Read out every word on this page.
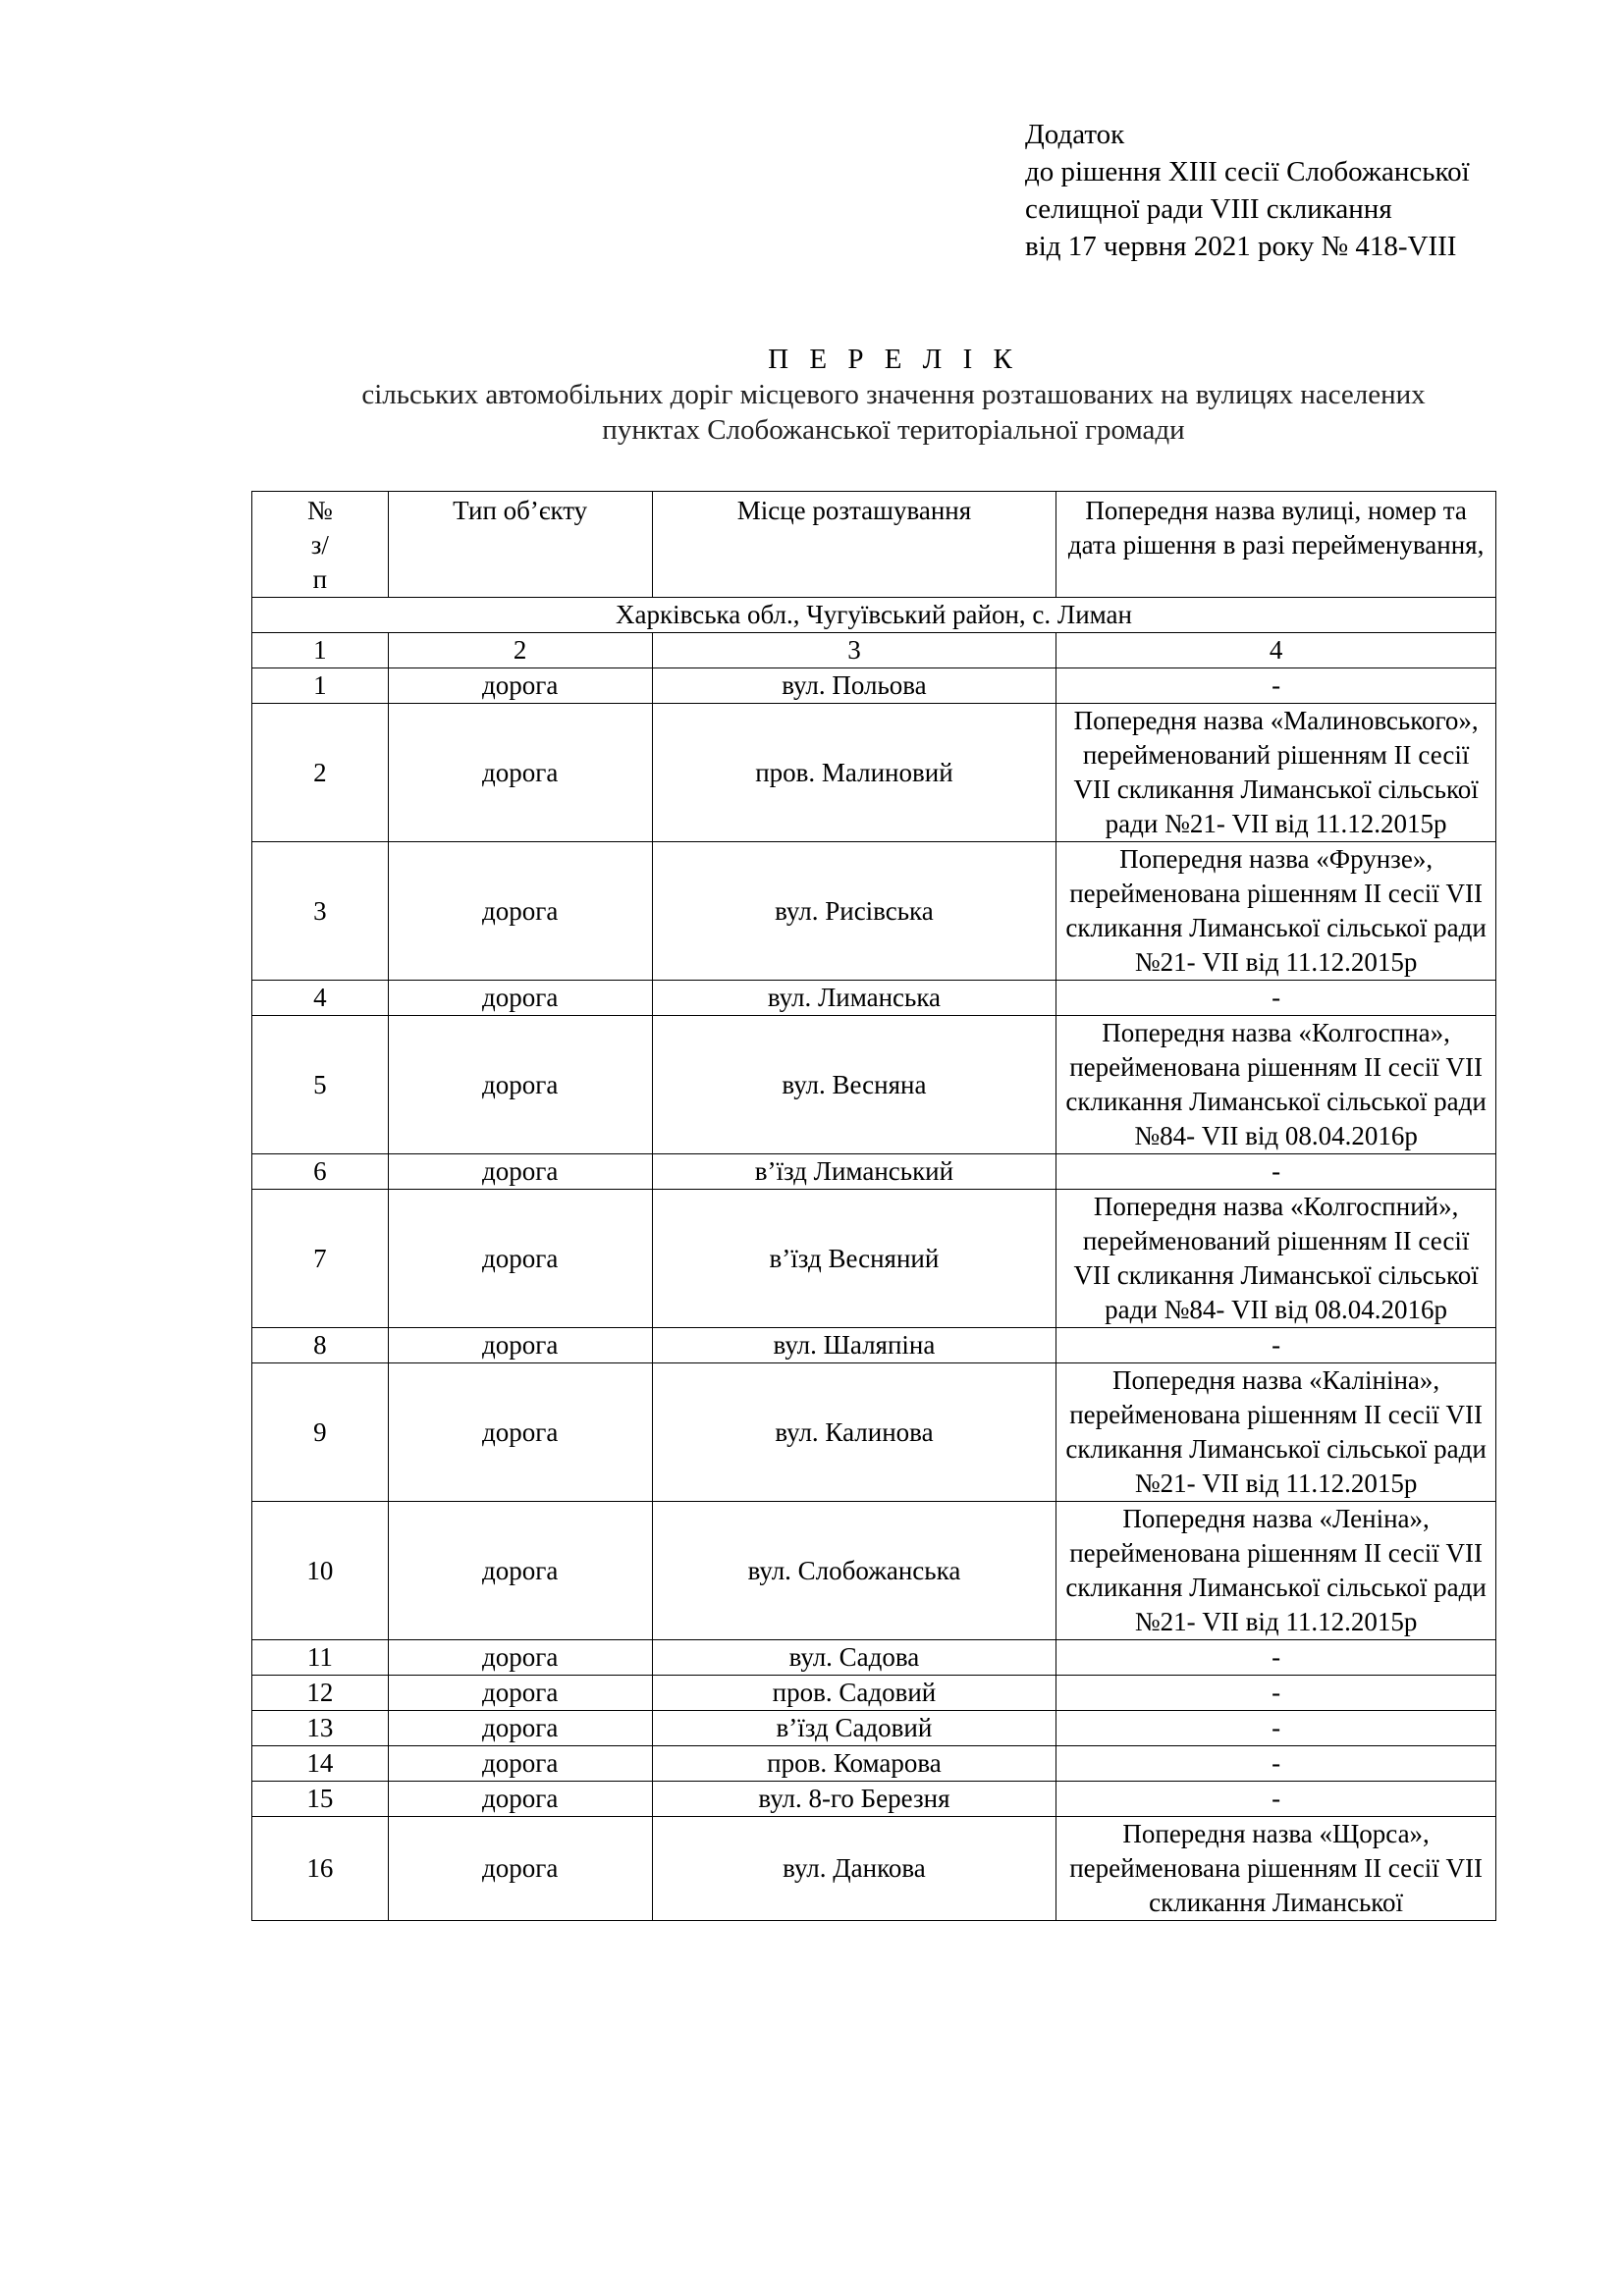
Додаток
до рішення ХІІІ сесії Слобожанської
селищної ради VІІІ скликання
від 17 червня 2021 року № 418-VІІІ
П Е Р Е Л І К
сільських автомобільних доріг місцевого значення розташованих на вулицях населених
пунктах Слобожанської територіальної громади
№
з/
п	Тип об’єкту	Місце розташування	Попередня назва вулиці, номер та дата рішення в разі перейменування,
Харківська обл., Чугуївський район, с. Лиман			
1	2	3	4
1	дорога	вул. Польова	-
2	дорога	пров. Малиновий	Попередня назва «Малиновського», перейменований рішенням ІІ сесії VІІ скликання Лиманської сільської ради №21- VІІ від 11.12.2015р
3	дорога	вул. Рисівська	Попередня назва «Фрунзе», перейменована рішенням ІІ сесії VІІ скликання Лиманської сільської ради №21- VІІ від 11.12.2015р
4	дорога	вул. Лиманська	-
5	дорога	вул. Весняна	Попередня назва «Колгоспна», перейменована рішенням ІІ сесії VІІ скликання Лиманської сільської ради №84- VІІ від 08.04.2016р
6	дорога	в’їзд Лиманський	-
7	дорога	в’їзд Весняний	Попередня назва «Колгоспний», перейменований рішенням ІІ сесії VІІ скликання Лиманської сільської ради №84- VІІ від 08.04.2016р
8	дорога	вул. Шаляпіна	-
9	дорога	вул. Калинова	Попередня назва «Калініна», перейменована рішенням ІІ сесії VІІ скликання Лиманської сільської ради №21- VІІ від 11.12.2015р
10	дорога	вул. Слобожанська	Попередня назва «Леніна», перейменована рішенням ІІ сесії VІІ скликання Лиманської сільської ради №21- VІІ від 11.12.2015р
11	дорога	вул. Садова	-
12	дорога	пров. Садовий	-
13	дорога	в’їзд Садовий	-
14	дорога	пров. Комарова	-
15	дорога	вул. 8-го Березня	-
16	дорога	вул. Данкова	Попередня назва «Щорса», перейменована рішенням ІІ сесії VІІ скликання Лиманської
